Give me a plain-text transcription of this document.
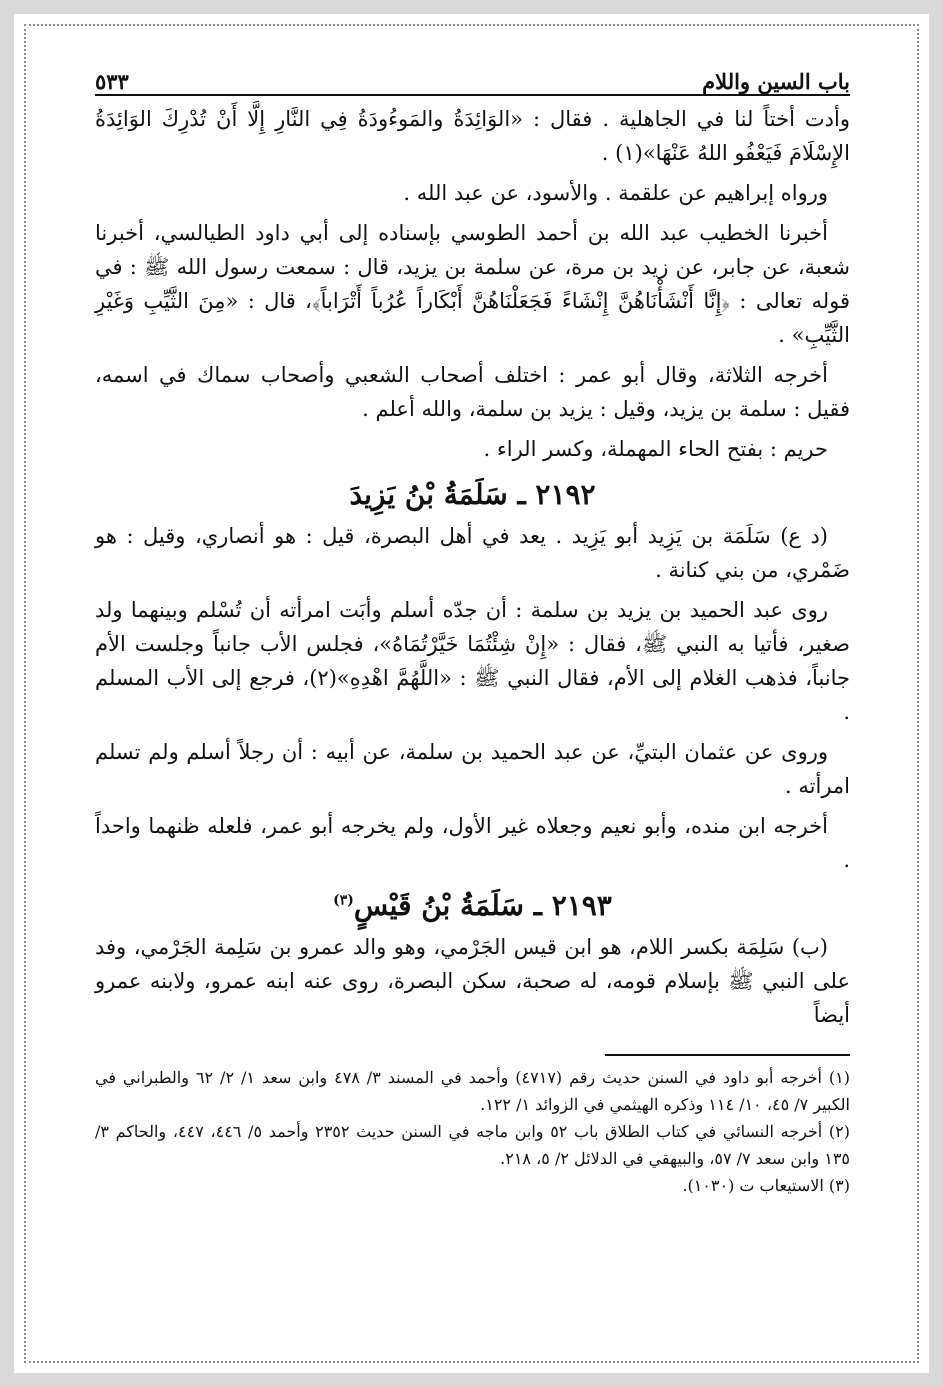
باب السين واللام
٥٣٣

وأدت أختاً لنا في الجاهلية . فقال : «الوَائِدَةُ والمَوءُودَةُ فِي النَّارِ إِلَّا أَنْ تُدْرِكَ الوَائِدَةُ الإِسْلَامَ فَيَعْفُو اللهُ عَنْهَا»(١) .

ورواه إبراهيم عن علقمة . والأسود، عن عبد الله .

أخبرنا الخطيب عبد الله بن أحمد الطوسي بإسناده إلى أبي داود الطيالسي، أخبرنا شعبة، عن جابر، عن زيد بن مرة، عن سلمة بن يزيد، قال : سمعت رسول الله ﷺ : في قوله تعالى : ﴿إِنَّا أَنْشَأْنَاهُنَّ إِنْشَاءً فَجَعَلْنَاهُنَّ أَبْكَاراً عُرُباً أَتْرَاباً﴾، قال : «مِنَ الثَّيِّبِ وَغَيْرِ الثَّيِّبِ» .

أخرجه الثلاثة، وقال أبو عمر : اختلف أصحاب الشعبي وأصحاب سماك في اسمه، فقيل : سلمة بن يزيد، وقيل : يزيد بن سلمة، والله أعلم .

حريم : بفتح الحاء المهملة، وكسر الراء .

٢١٩٢ ـ سَلَمَةُ بْنُ يَزِيدَ

(د ع) سَلَمَة بن يَزِيد أبو يَزِيد . يعد في أهل البصرة، قيل : هو أنصاري، وقيل : هو ضَمْري، من بني كنانة .

روى عبد الحميد بن يزيد بن سلمة : أن جدّه أسلم وأبَت امرأته أن تُسْلم وبينهما ولد صغير، فأتيا به النبي ﷺ، فقال : «إِنْ شِئْتُمَا خَيَّرْتُمَاهُ»، فجلس الأب جانباً وجلست الأم جانباً، فذهب الغلام إلى الأم، فقال النبي ﷺ : «اللَّهُمَّ اهْدِهِ»(٢)، فرجع إلى الأب المسلم .

وروى عن عثمان البتيِّ، عن عبد الحميد بن سلمة، عن أبيه : أن رجلاً أسلم ولم تسلم امرأته .

أخرجه ابن منده، وأبو نعيم وجعلاه غير الأول، ولم يخرجه أبو عمر، فلعله ظنهما واحداً .

٢١٩٣ ـ سَلَمَةُ بْنُ قَيْسٍ$^{(٣)}$

(ب) سَلِمَة بكسر اللام، هو ابن قيس الجَرْمي، وهو والد عمرو بن سَلِمة الجَرْمي، وفد على النبي ﷺ بإسلام قومه، له صحبة، سكن البصرة، روى عنه ابنه عمرو، ولابنه عمرو أيضاً

(١) أخرجه أبو داود في السنن حديث رقم (٤٧١٧) وأحمد في المسند ٣/ ٤٧٨ وابن سعد ١/ ٢/ ٦٢ والطبراني في الكبير ٧/ ٤٥، ١٠/ ١١٤ وذكره الهيثمي في الزوائد ١/ ١٢٢.

(٢) أخرجه النسائي في كتاب الطلاق باب ٥٢ وابن ماجه في السنن حديث ٢٣٥٢ وأحمد ٥/ ٤٤٦، ٤٤٧، والحاكم ٣/ ١٣٥ وابن سعد ٧/ ٥٧، والبيهقي في الدلائل ٢/ ٥، ٢١٨.

(٣) الاستيعاب ت (١٠٣٠).
